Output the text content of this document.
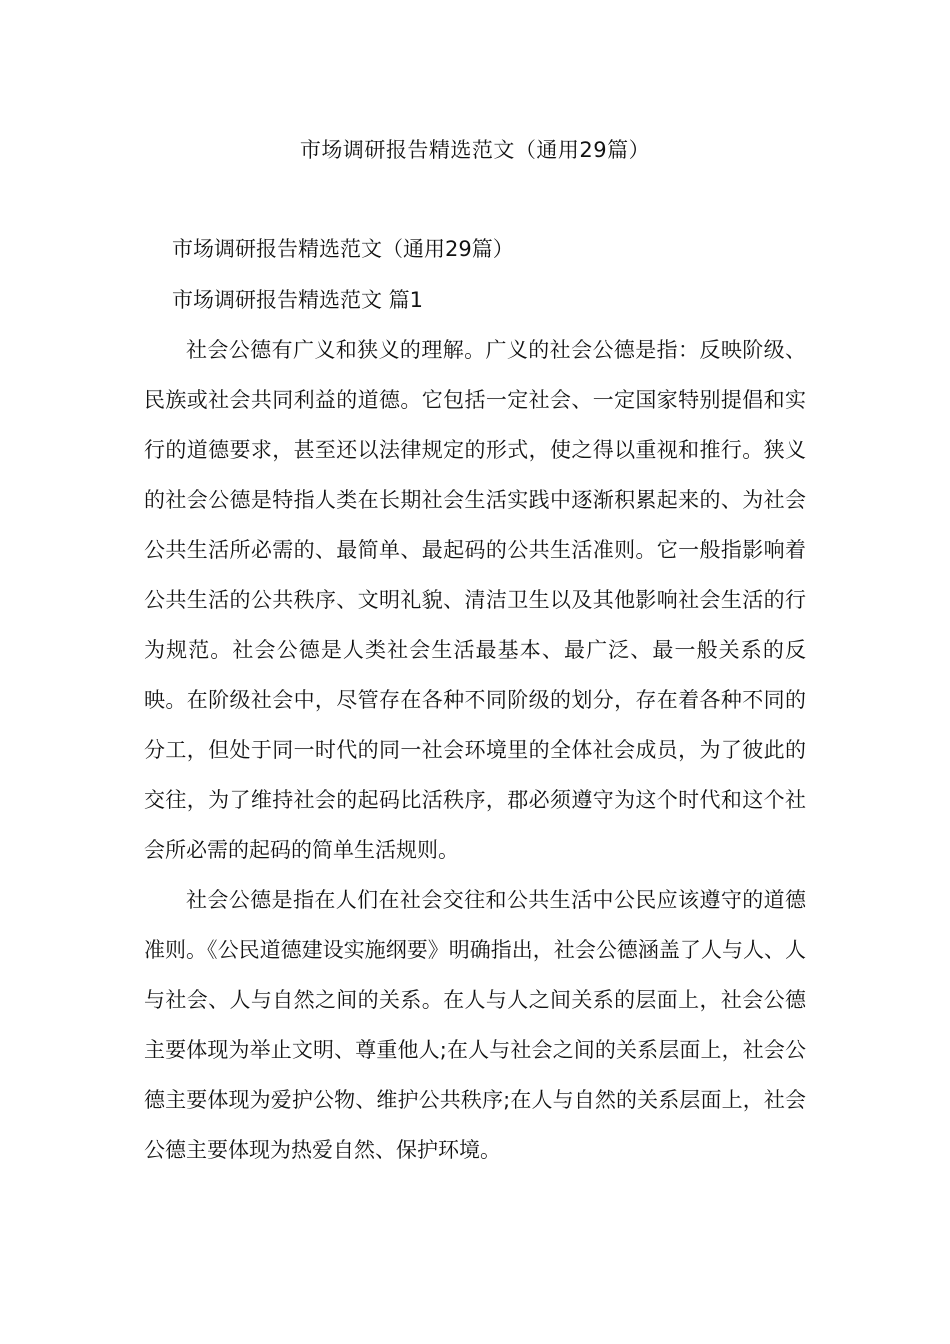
市场调研报告精选范文（通用29篇）
市场调研报告精选范文（通用29篇）
市场调研报告精选范文 篇1

社会公德有广义和狭义的理解。广义的社会公德是指：反映阶级、民族或社会共同利益的道德。它包括一定社会、一定国家特别提倡和实行的道德要求，甚至还以法律规定的形式，使之得以重视和推行。狭义的社会公德是特指人类在长期社会生活实践中逐渐积累起来的、为社会公共生活所必需的、最简单、最起码的公共生活准则。它一般指影响着公共生活的公共秩序、文明礼貌、清洁卫生以及其他影响社会生活的行为规范。社会公德是人类社会生活最基本、最广泛、最一般关系的反映。在阶级社会中，尽管存在各种不同阶级的划分，存在着各种不同的分工，但处于同一时代的同一社会环境里的全体社会成员，为了彼此的交往，为了维持社会的起码比活秩序，郡必须遵守为这个时代和这个社会所必需的起码的简单生活规则。

社会公德是指在人们在社会交往和公共生活中公民应该遵守的道德准则。《公民道德建设实施纲要》明确指出，社会公德涵盖了人与人、人与社会、人与自然之间的关系。在人与人之间关系的层面上，社会公德主要体现为举止文明、尊重他人;在人与社会之间的关系层面上，社会公德主要体现为爱护公物、维护公共秩序;在人与自然的关系层面上，社会公德主要体现为热爱自然、保护环境。
